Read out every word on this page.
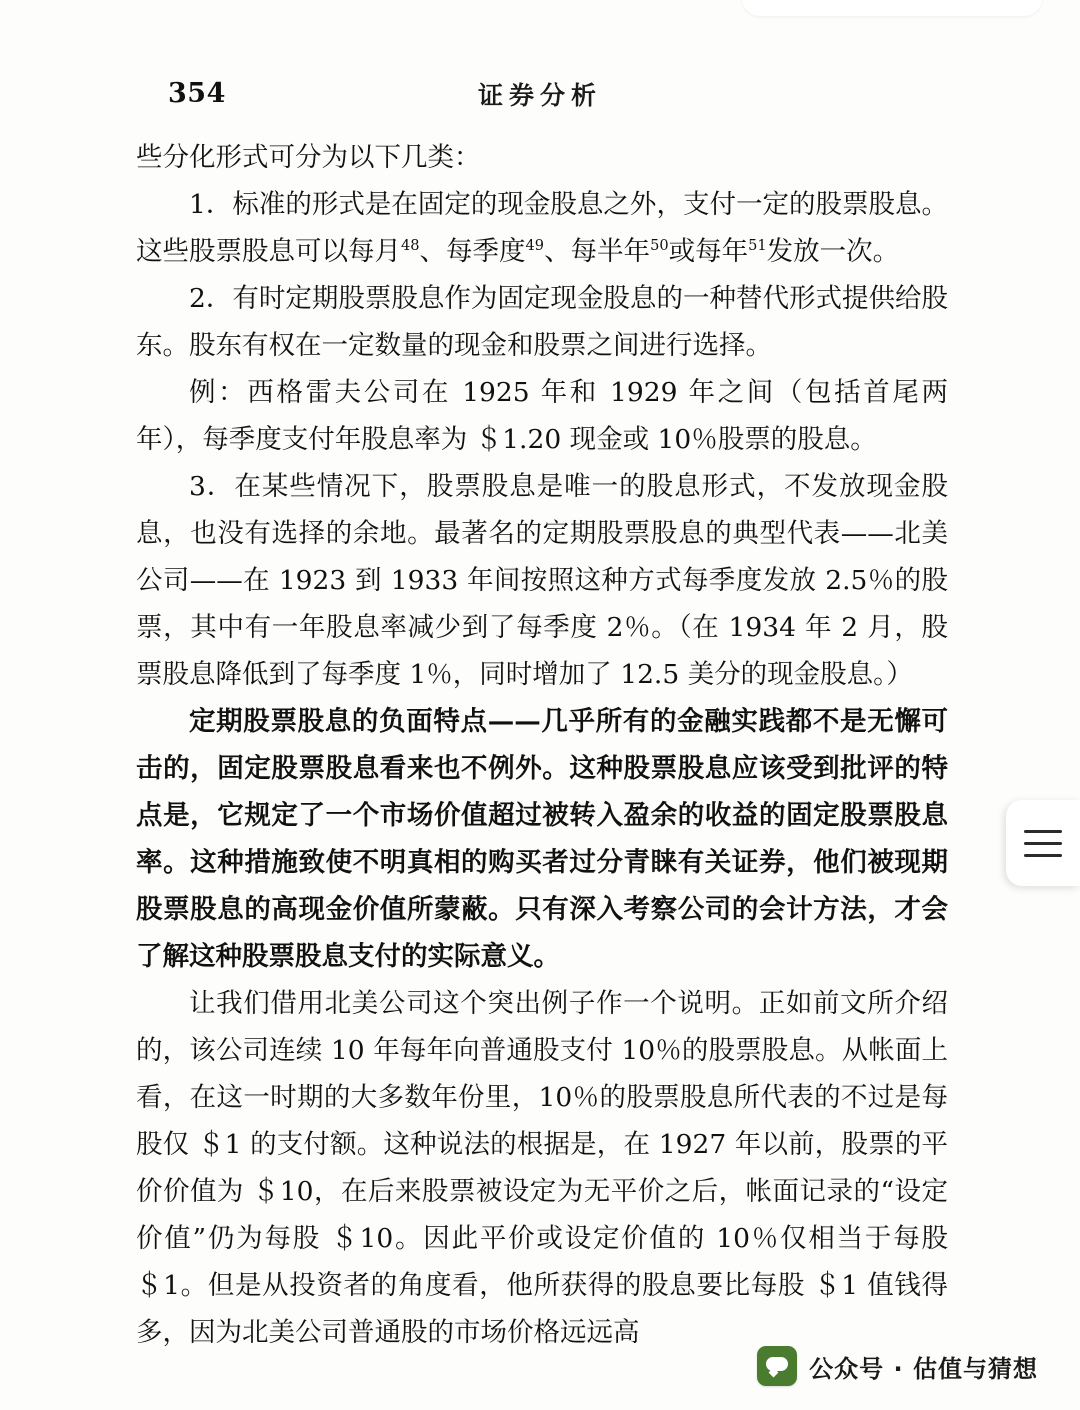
354	证券分析

些分化形式可分为以下几类：

1．标准的形式是在固定的现金股息之外，支付一定的股票股息。这些股票股息可以每月$^{48}$、每季度$^{49}$、每半年$^{50}$或每年$^{51}$发放一次。

2．有时定期股票股息作为固定现金股息的一种替代形式提供给股东。股东有权在一定数量的现金和股票之间进行选择。

例：西格雷夫公司在 1925 年和 1929 年之间（包括首尾两年），每季度支付年股息率为 ＄1.20 现金或 10％股票的股息。

3．在某些情况下，股票股息是唯一的股息形式，不发放现金股息，也没有选择的余地。最著名的定期股票股息的典型代表——北美公司——在 1923 到 1933 年间按照这种方式每季度发放 2.5％的股票，其中有一年股息率减少到了每季度 2％。（在 1934 年 2 月，股票股息降低到了每季度 1％，同时增加了 12.5 美分的现金股息。）

定期股票股息的负面特点——几乎所有的金融实践都不是无懈可击的，固定股票股息看来也不例外。这种股票股息应该受到批评的特点是，它规定了一个市场价值超过被转入盈余的收益的固定股票股息率。这种措施致使不明真相的购买者过分青睐有关证券，他们被现期股票股息的高现金价值所蒙蔽。只有深入考察公司的会计方法，才会了解这种股票股息支付的实际意义。

让我们借用北美公司这个突出例子作一个说明。正如前文所介绍的，该公司连续 10 年每年向普通股支付 10％的股票股息。从帐面上看，在这一时期的大多数年份里，10％的股票股息所代表的不过是每股仅 ＄1 的支付额。这种说法的根据是，在 1927 年以前，股票的平价价值为 ＄10，在后来股票被设定为无平价之后，帐面记录的“设定价值”仍为每股 ＄10。因此平价或设定价值的 10％仅相当于每股 ＄1。但是从投资者的角度看，他所获得的股息要比每股 ＄1 值钱得多，因为北美公司普通股的市场价格远远高

公众号 · 估值与猜想
